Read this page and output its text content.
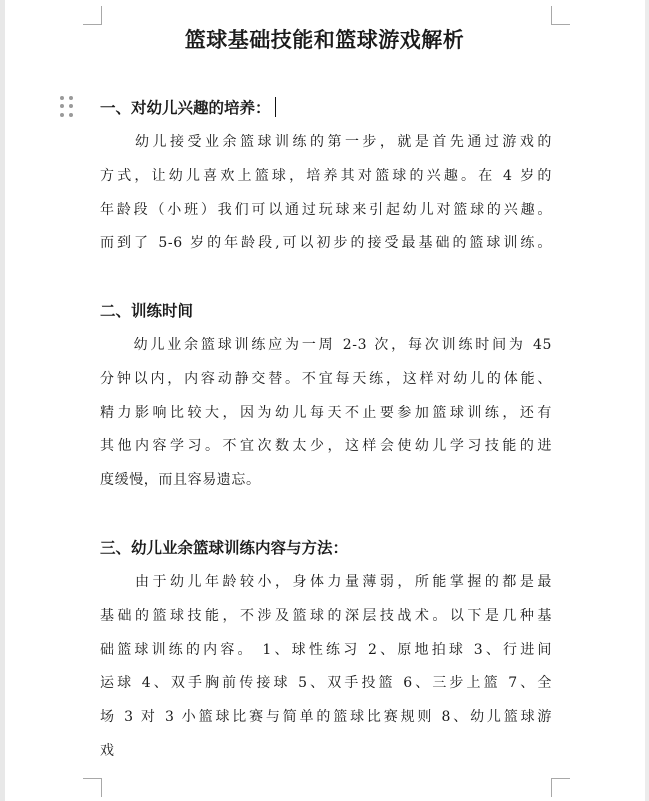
篮球基础技能和篮球游戏解析
一、对幼儿兴趣的培养：
　　幼儿接受业余篮球训练的第一步，就是首先通过游戏的
方式，让幼儿喜欢上篮球，培养其对篮球的兴趣。在 4 岁的
年龄段（小班）我们可以通过玩球来引起幼儿对篮球的兴趣。
而到了 5-6 岁的年龄段,可以初步的接受最基础的篮球训练。
二、训练时间
　　幼儿业余篮球训练应为一周 2-3 次，每次训练时间为 45
分钟以内，内容动静交替。不宜每天练，这样对幼儿的体能、
精力影响比较大，因为幼儿每天不止要参加篮球训练，还有
其他内容学习。不宜次数太少，这样会使幼儿学习技能的进
度缓慢，而且容易遗忘。
三、幼儿业余篮球训练内容与方法：
　　由于幼儿年龄较小，身体力量薄弱，所能掌握的都是最
基础的篮球技能，不涉及篮球的深层技战术。以下是几种基
础篮球训练的内容。 1、球性练习 2、原地拍球 3、行进间
运球 4、双手胸前传接球 5、双手投篮 6、三步上篮 7、全
场 3 对 3 小篮球比赛与简单的篮球比赛规则 8、幼儿篮球游
戏
